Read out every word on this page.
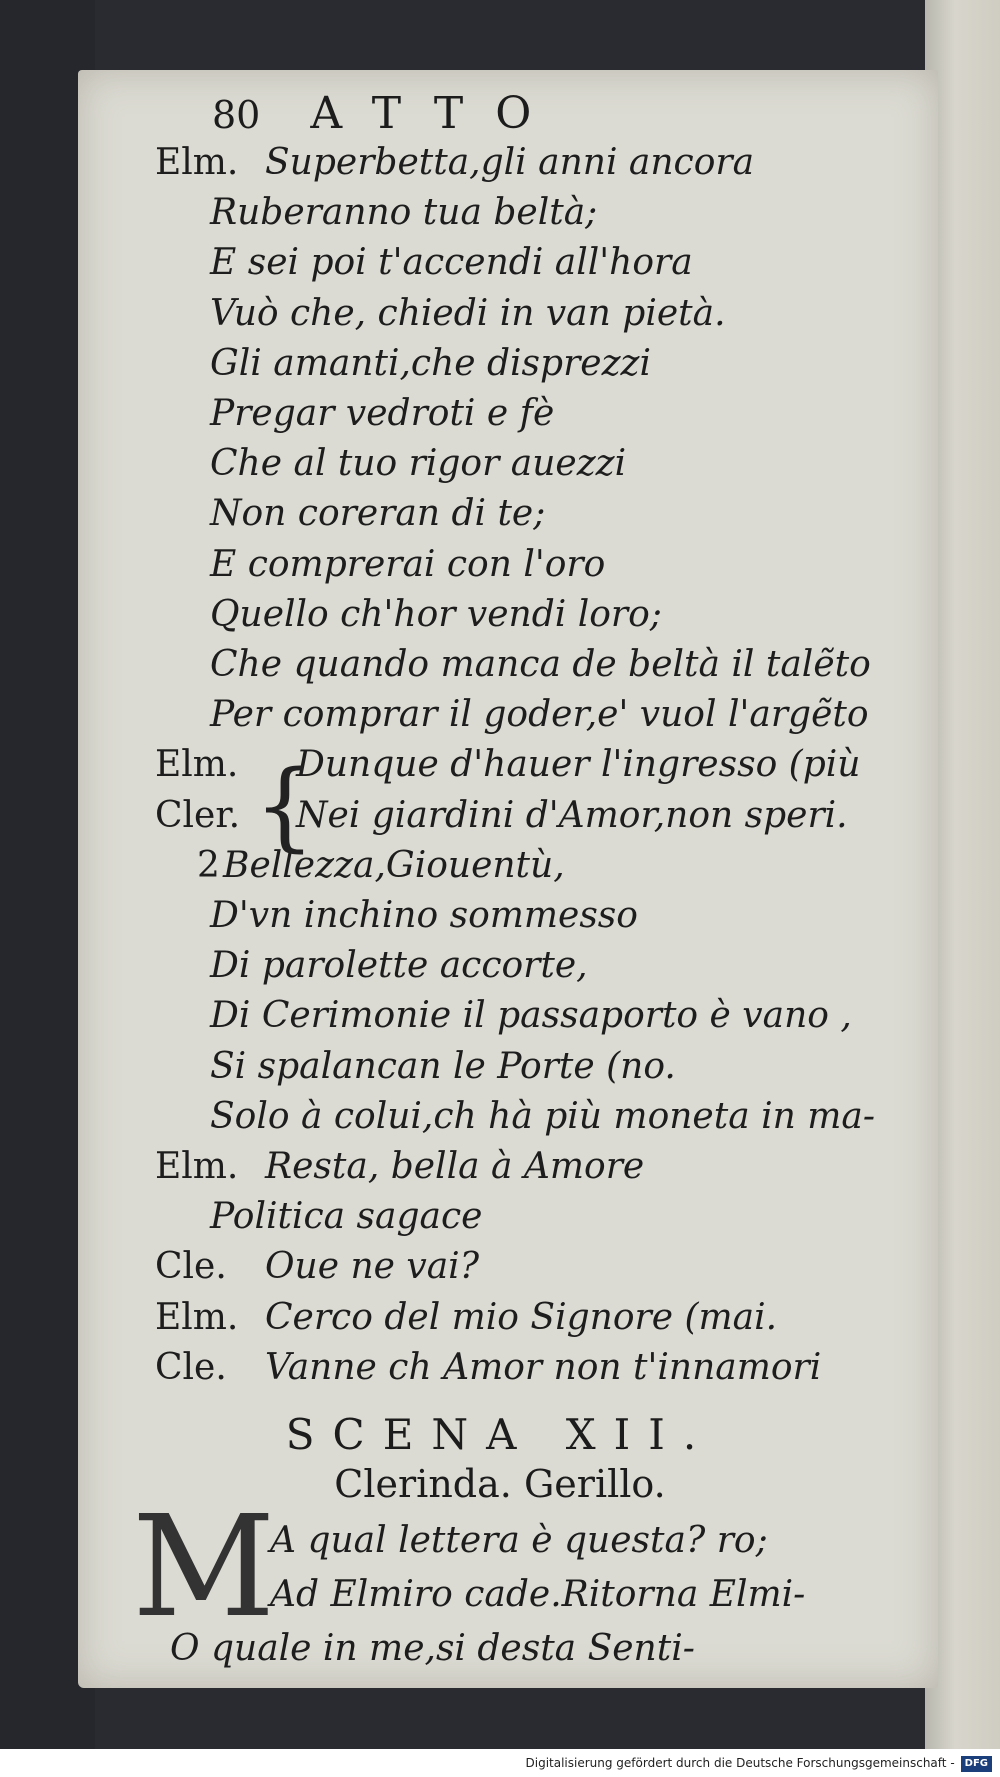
80 ATTO
Elm. Superbetta,gli anni ancora
Ruberanno tua beltà;
E sei poi t'accendi all'hora
Vuò che, chiedi in van pietà.
Gli amanti,che disprezzi
Pregar vedroti e fè
Che al tuo rigor auezzi
Non coreran di te;
E comprerai con l'oro
Quello ch'hor vendi loro;
Che quando manca de beltà il talẽto
Per comprar il goder,e' vuol l'argẽto
Elm. Dunque d'hauer l'ingresso (più
Cler. Nei giardini d'Amor,non speri.
2 Bellezza,Giouentù,
D'vn inchino sommesso
Di parolette accorte,
Di Cerimonie il passaporto è vano ,
Si spalancan le Porte (no.
Solo à colui,ch hà più moneta in ma-
Elm. Resta, bella à Amore
Politica sagace
Cle. Oue ne vai?
Elm. Cerco del mio Signore (mai.
Cle. Vanne ch Amor non t'innamori
{
SCENA XII.
Clerinda. Gerillo.
M
A qual lettera è questa? ro;
Ad Elmiro cade.Ritorna Elmi-
O quale in me,si desta Senti-
Digitalisierung gefördert durch die Deutsche Forschungsgemeinschaft - DFG
